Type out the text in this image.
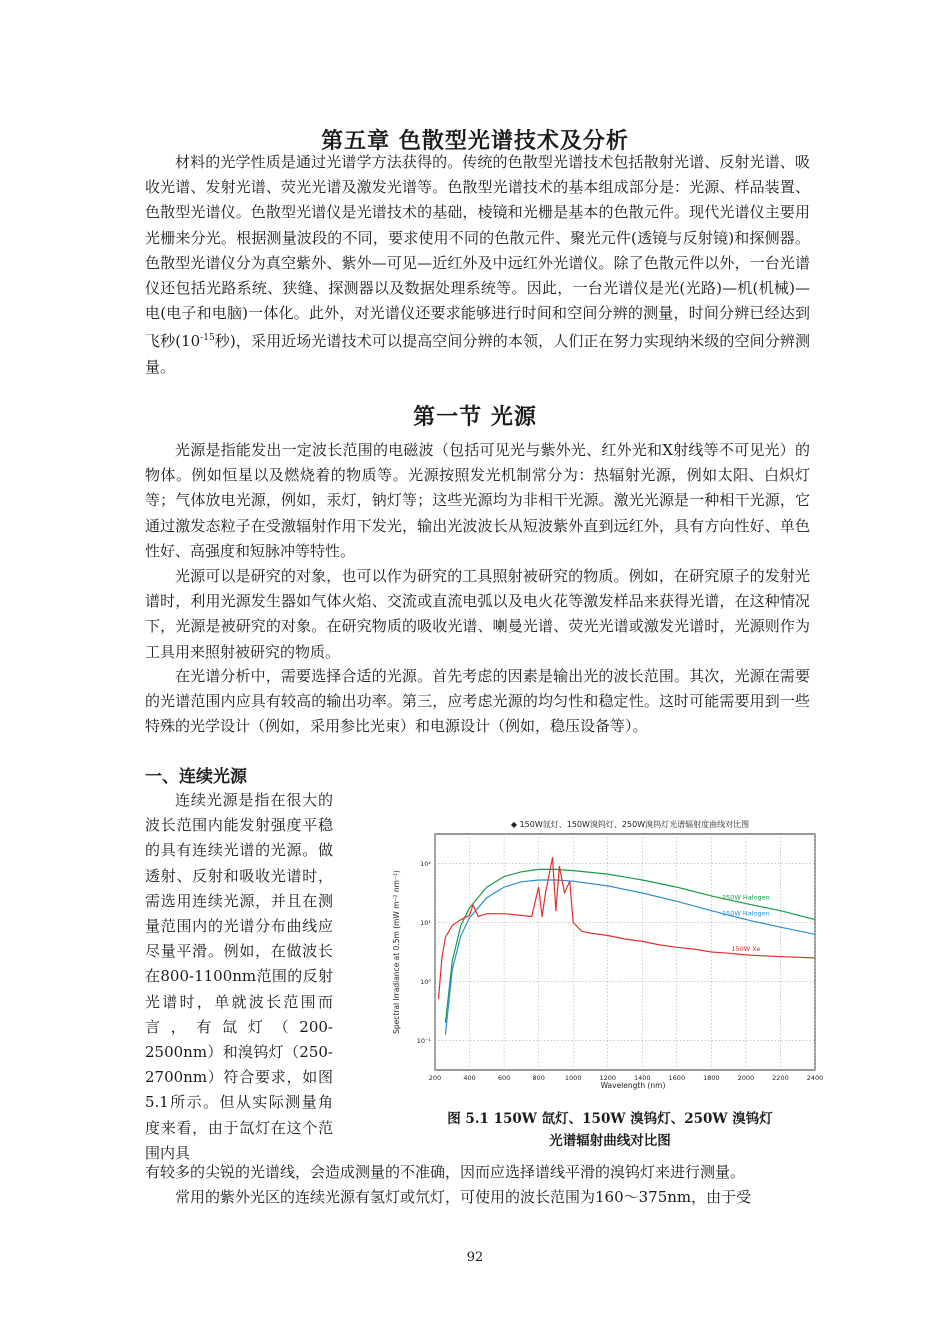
第五章 色散型光谱技术及分析

材料的光学性质是通过光谱学方法获得的。传统的色散型光谱技术包括散射光谱、反射光谱、吸收光谱、发射光谱、荧光光谱及激发光谱等。色散型光谱技术的基本组成部分是：光源、样品装置、色散型光谱仪。色散型光谱仪是光谱技术的基础，棱镜和光栅是基本的色散元件。现代光谱仪主要用光栅来分光。根据测量波段的不同，要求使用不同的色散元件、聚光元件(透镜与反射镜)和探侧器。色散型光谱仪分为真空紫外、紫外—可见—近红外及中远红外光谱仪。除了色散元件以外，一台光谱仪还包括光路系统、狭缝、探测器以及数据处理系统等。因此，一台光谱仪是光(光路)—机(机械)—电(电子和电脑)一体化。此外，对光谱仪还要求能够进行时间和空间分辨的测量，时间分辨已经达到飞秒($10^{-15}$秒)，采用近场光谱技术可以提高空间分辨的本领，人们正在努力实现纳米级的空间分辨测量。

第一节 光源

光源是指能发出一定波长范围的电磁波（包括可见光与紫外光、红外光和X射线等不可见光）的物体。例如恒星以及燃烧着的物质等。光源按照发光机制常分为：热辐射光源，例如太阳、白炽灯等；气体放电光源，例如，汞灯，钠灯等；这些光源均为非相干光源。激光光源是一种相干光源，它通过激发态粒子在受激辐射作用下发光，输出光波波长从短波紫外直到远红外，具有方向性好、单色性好、高强度和短脉冲等特性。

光源可以是研究的对象，也可以作为研究的工具照射被研究的物质。例如，在研究原子的发射光谱时，利用光源发生器如气体火焰、交流或直流电弧以及电火花等激发样品来获得光谱，在这种情况下，光源是被研究的对象。在研究物质的吸收光谱、喇曼光谱、荧光光谱或激发光谱时，光源则作为工具用来照射被研究的物质。

在光谱分析中，需要选择合适的光源。首先考虑的因素是输出光的波长范围。其次，光源在需要的光谱范围内应具有较高的输出功率。第三，应考虑光源的均匀性和稳定性。这时可能需要用到一些特殊的光学设计（例如，采用参比光束）和电源设计（例如，稳压设备等）。

一、连续光源

连续光源是指在很大的波长范围内能发射强度平稳的具有连续光谱的光源。做透射、反射和吸收光谱时，需选用连续光源，并且在测量范围内的光谱分布曲线应尽量平滑。例如，在做波长在800-1100nm范围的反射光谱时，单就波长范围而言，有氙灯（200-2500nm）和溴钨灯（250-2700nm）符合要求，如图5.1所示。但从实际测量角度来看，由于氙灯在这个范围内具

◆ 150W氙灯、150W溴钨灯、250W溴钨灯光谱辐射度曲线对比图
200	400	600	800	1000	1200	1400	1600	1800	2000	2200	2400
10²
10¹
10⁰
10⁻¹
250W Halogen
150W Halogen
150W Xe
Wavelength (nm)
Spectral Irradiance at 0.5m (mW m⁻² nm⁻¹)

图 5.1 150W 氙灯、150W 溴钨灯、250W 溴钨灯
光谱辐射曲线对比图

有较多的尖锐的光谱线，会造成测量的不准确，因而应选择谱线平滑的溴钨灯来进行测量。
　　常用的紫外光区的连续光源有氢灯或氘灯，可使用的波长范围为160～375nm，由于受
92
